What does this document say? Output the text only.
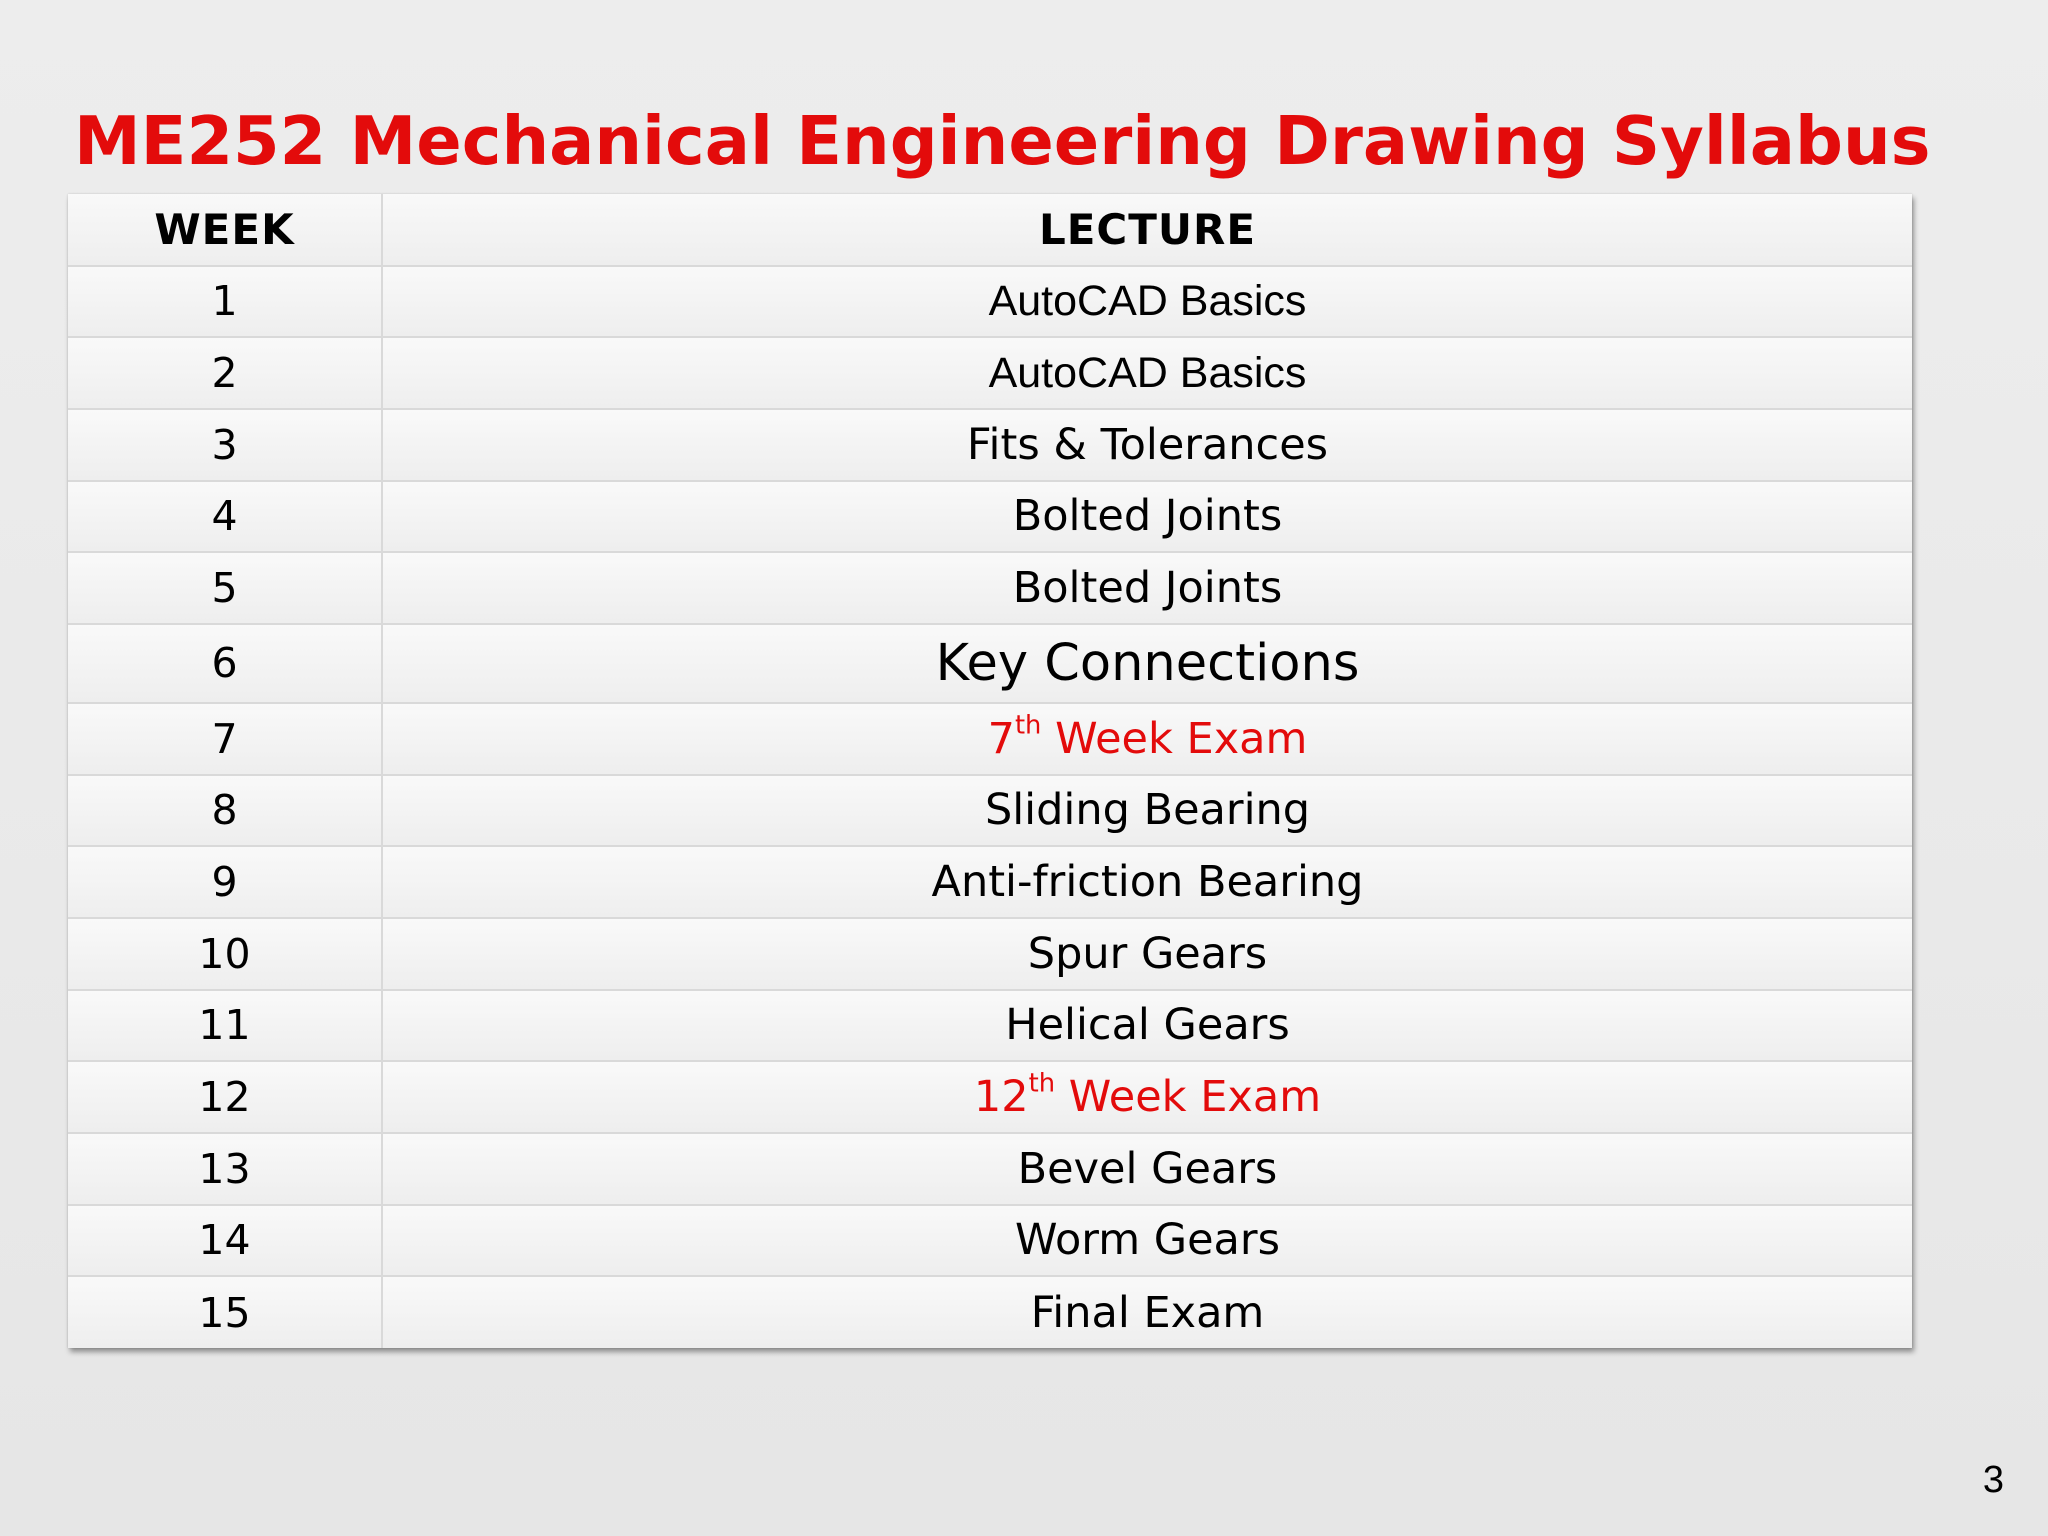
ME252 Mechanical Engineering Drawing Syllabus
WEEK	LECTURE
1	AutoCAD Basics
2	AutoCAD Basics
3	Fits & Tolerances
4	Bolted Joints
5	Bolted Joints
6	Key Connections
7	7th Week Exam
8	Sliding Bearing
9	Anti-friction Bearing
10	Spur Gears
11	Helical Gears
12	12th Week Exam
13	Bevel Gears
14	Worm Gears
15	Final Exam
3
